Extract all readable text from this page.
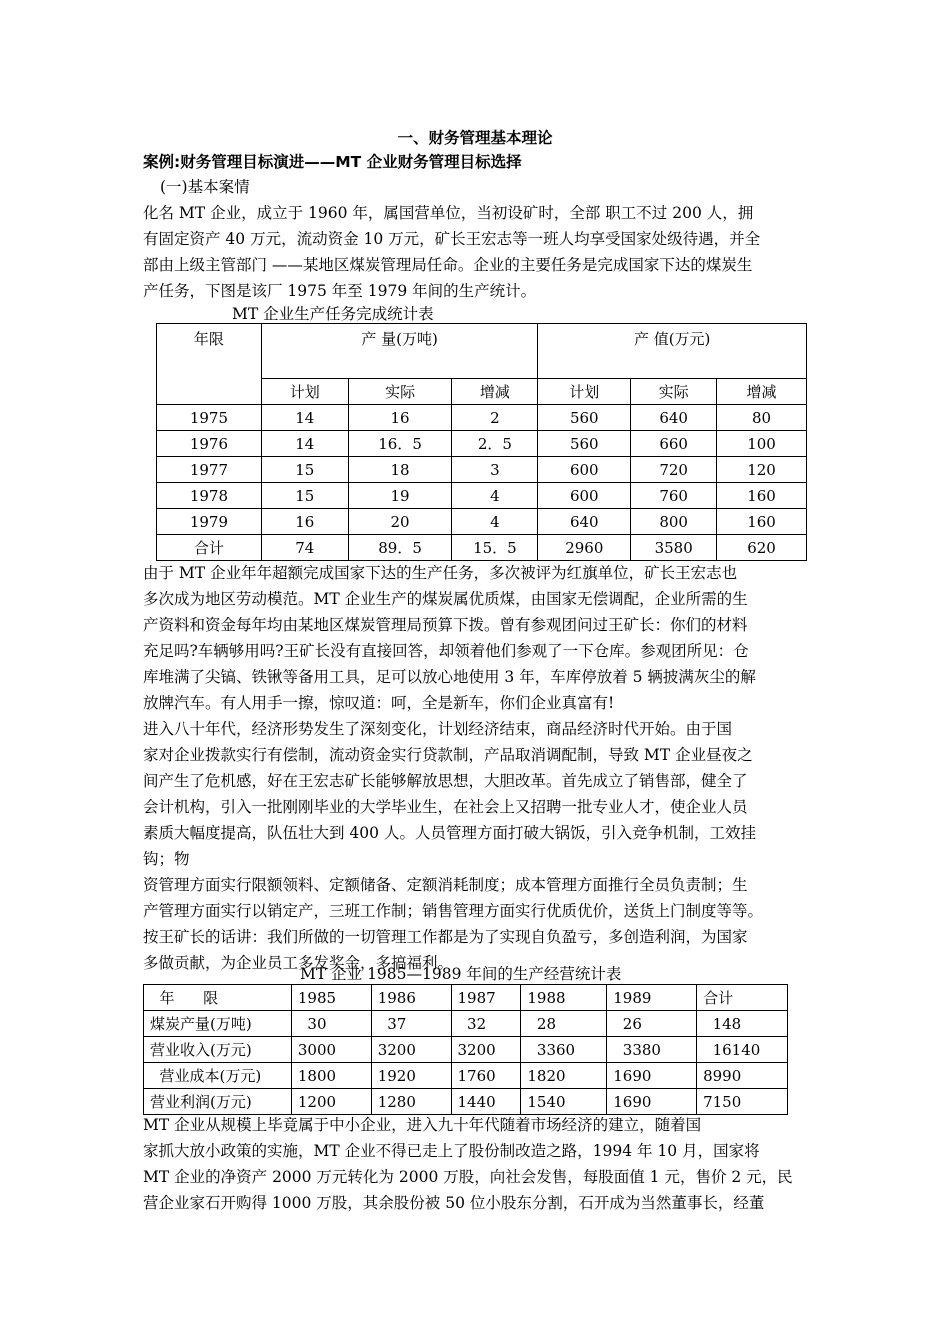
一、财务管理基本理论
案例:财务管理目标演进——MT 企业财务管理目标选择
(一)基本案情
化名 MT 企业，成立于 1960 年，属国营单位，当初设矿时，全部 职工不过 200 人，拥
有固定资产 40 万元，流动资金 10 万元，矿长王宏志等一班人均享受国家处级待遇，并全
部由上级主管部门 ——某地区煤炭管理局任命。企业的主要任务是完成国家下达的煤炭生
产任务，下图是该厂 1975 年至 1979 年间的生产统计。
MT 企业生产任务完成统计表
年限	产 量(万吨)			产 值(万元)		
	计划	实际	增减	计划	实际	增减
1975	14	16	2	560	640	80
1976	14	16．5	2．5	560	660	100
1977	15	18	3	600	720	120
1978	15	19	4	600	760	160
1979	16	20	4	640	800	160
合计	74	89．5	15．5	2960	3580	620
由于 MT 企业年年超额完成国家下达的生产任务，多次被评为红旗单位，矿长王宏志也
多次成为地区劳动模范。MT 企业生产的煤炭属优质煤，由国家无偿调配，企业所需的生
产资料和资金每年均由某地区煤炭管理局预算下拨。曾有参观团问过王矿长：你们的材料
充足吗?车辆够用吗?王矿长没有直接回答，却领着他们参观了一下仓库。参观团所见：仓
库堆满了尖镐、铁锹等备用工具，足可以放心地使用 3 年，车库停放着 5 辆披满灰尘的解
放牌汽车。有人用手一擦，惊叹道：呵，全是新车，你们企业真富有!
进入八十年代，经济形势发生了深刻变化，计划经济结束，商品经济时代开始。由于国
家对企业拨款实行有偿制，流动资金实行贷款制，产品取消调配制，导致 MT 企业昼夜之
间产生了危机感，好在王宏志矿长能够解放思想，大胆改革。首先成立了销售部，健全了
会计机构，引入一批刚刚毕业的大学毕业生，在社会上又招聘一批专业人才，使企业人员
素质大幅度提高，队伍壮大到 400 人。人员管理方面打破大锅饭，引入竞争机制，工效挂
钩；物
资管理方面实行限额领料、定额储备、定额消耗制度；成本管理方面推行全员负责制；生
产管理方面实行以销定产，三班工作制；销售管理方面实行优质优价，送货上门制度等等。
按王矿长的话讲：我们所做的一切管理工作都是为了实现自负盈亏，多创造利润，为国家
多做贡献，为企业员工多发奖金，多搞福利。
MT 企业 1985—1989 年间的生产经营统计表
年      限	1985	1986	1987	1988	1989	合计
煤炭产量(万吨)	30	37	32	28	26	148
营业收入(万元)	3000	3200	3200	3360	3380	16140
营业成本(万元)	1800	1920	1760	1820	1690	8990
营业利润(万元)	1200	1280	1440	1540	1690	7150
MT 企业从规模上毕竟属于中小企业，进入九十年代随着市场经济的建立，随着国
家抓大放小政策的实施，MT 企业不得已走上了股份制改造之路，1994 年 10 月，国家将
MT 企业的净资产 2000 万元转化为 2000 万股，向社会发售，每股面值 1 元，售价 2 元，民
营企业家石开购得 1000 万股，其余股份被 50 位小股东分割，石开成为当然董事长，经董
